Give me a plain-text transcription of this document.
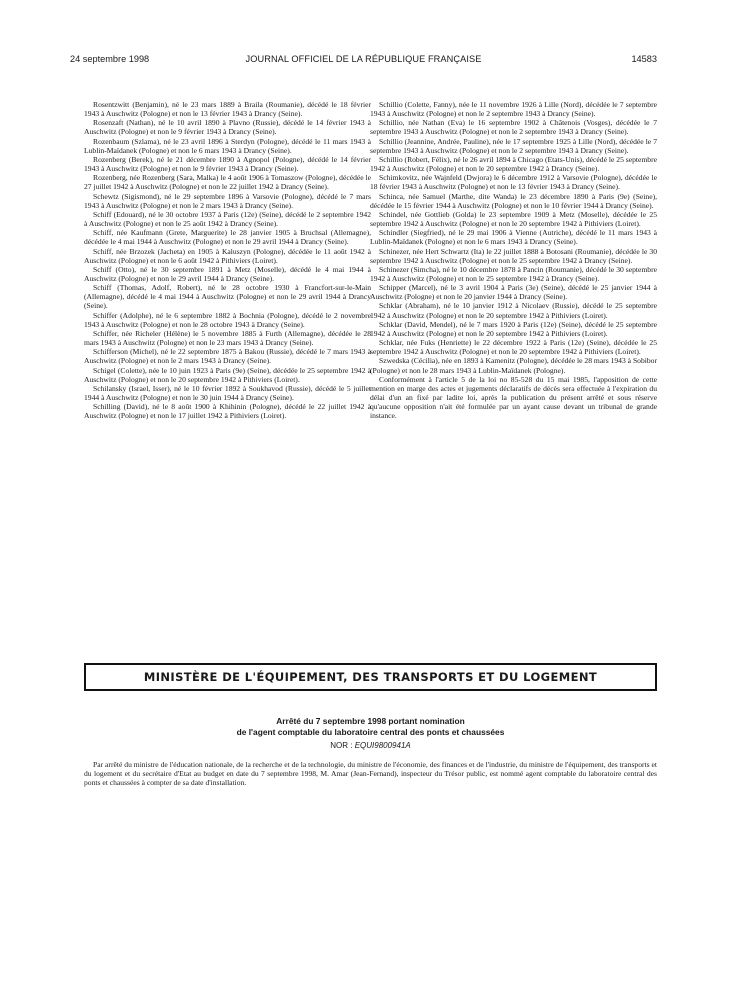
24 septembre 1998	JOURNAL OFFICIEL DE LA RÉPUBLIQUE FRANÇAISE	14583

Rosentzwitt (Benjamin), né le 23 mars 1889 à Braila (Roumanie), décédé le 18 février 1943 à Auschwitz (Pologne) et non le 13 février 1943 à Drancy (Seine).

Rosenzaft (Nathan), né le 10 avril 1890 à Plavno (Russie), décédé le 14 février 1943 à Auschwitz (Pologne) et non le 9 février 1943 à Drancy (Seine).

Rozenbaum (Szlama), né le 23 avril 1896 à Sterdyn (Pologne), décédé le 11 mars 1943 à Lublin-Maïdanek (Pologne) et non le 6 mars 1943 à Drancy (Seine).

Rozenberg (Berek), né le 21 décembre 1890 à Agnopol (Pologne), décédé le 14 février 1943 à Auschwitz (Pologne) et non le 9 février 1943 à Drancy (Seine).

Rozenberg, née Rozenberg (Sara, Malka) le 4 août 1906 à Tomaszow (Pologne), décédée le 27 juillet 1942 à Auschwitz (Pologne) et non le 22 juillet 1942 à Drancy (Seine).

Schewtz (Sigismond), né le 29 septembre 1896 à Varsovie (Pologne), décédé le 7 mars 1943 à Auschwitz (Pologne) et non le 2 mars 1943 à Drancy (Seine).

Schiff (Edouard), né le 30 octobre 1937 à Paris (12e) (Seine), décédé le 2 septembre 1942 à Auschwitz (Pologne) et non le 25 août 1942 à Drancy (Seine).

Schiff, née Kaufmann (Grete, Marguerite) le 28 janvier 1905 à Bruchsal (Allemagne), décédée le 4 mai 1944 à Auschwitz (Pologne) et non le 29 avril 1944 à Drancy (Seine).

Schiff, née Brzozek (Jacheta) en 1905 à Kaluszyn (Pologne), décédée le 11 août 1942 à Auschwitz (Pologne) et non le 6 août 1942 à Pithiviers (Loiret).

Schiff (Otto), né le 30 septembre 1891 à Metz (Moselle), décédé le 4 mai 1944 à Auschwitz (Pologne) et non le 29 avril 1944 à Drancy (Seine).

Schiff (Thomas, Adolf, Robert), né le 28 octobre 1930 à Francfort-sur-le-Main (Allemagne), décédé le 4 mai 1944 à Auschwitz (Pologne) et non le 29 avril 1944 à Drancy (Seine).

Schiffer (Adolphe), né le 6 septembre 1882 à Bochnia (Pologne), décédé le 2 novembre 1943 à Auschwitz (Pologne) et non le 28 octobre 1943 à Drancy (Seine).

Schiffer, née Richeler (Hélène) le 5 novembre 1885 à Furth (Allemagne), décédée le 28 mars 1943 à Auschwitz (Pologne) et non le 23 mars 1943 à Drancy (Seine).

Schifferson (Michel), né le 22 septembre 1875 à Bakou (Russie), décédé le 7 mars 1943 à Auschwitz (Pologne) et non le 2 mars 1943 à Drancy (Seine).

Schigel (Colette), née le 10 juin 1923 à Paris (9e) (Seine), décédée le 25 septembre 1942 à Auschwitz (Pologne) et non le 20 septembre 1942 à Pithiviers (Loiret).

Schilansky (Israel, Isser), né le 10 février 1892 à Soukhavod (Russie), décédé le 5 juillet 1944 à Auschwitz (Pologne) et non le 30 juin 1944 à Drancy (Seine).

Schilling (David), né le 8 août 1900 à Khihinin (Pologne), décédé le 22 juillet 1942 à Auschwitz (Pologne) et non le 17 juillet 1942 à Pithiviers (Loiret).

Schillio (Colette, Fanny), née le 11 novembre 1926 à Lille (Nord), décédée le 7 septembre 1943 à Auschwitz (Pologne) et non le 2 septembre 1943 à Drancy (Seine).

Schillio, née Nathan (Eva) le 16 septembre 1902 à Châtenois (Vosges), décédée le 7 septembre 1943 à Auschwitz (Pologne) et non le 2 septembre 1943 à Drancy (Seine).

Schillio (Jeannine, Andrée, Pauline), née le 17 septembre 1925 à Lille (Nord), décédée le 7 septembre 1943 à Auschwitz (Pologne) et non le 2 septembre 1943 à Drancy (Seine).

Schillio (Robert, Félix), né le 26 avril 1894 à Chicago (Etats-Unis), décédé le 25 septembre 1942 à Auschwitz (Pologne) et non le 20 septembre 1942 à Drancy (Seine).

Schimkovitz, née Wajnfeld (Dwjora) le 6 décembre 1912 à Varsovie (Pologne), décédée le 18 février 1943 à Auschwitz (Pologne) et non le 13 février 1943 à Drancy (Seine).

Schinca, née Samuel (Marthe, dite Wanda) le 23 décembre 1890 à Paris (9e) (Seine), décédée le 15 février 1944 à Auschwitz (Pologne) et non le 10 février 1944 à Drancy (Seine).

Schindel, née Gottlieb (Golda) le 23 septembre 1909 à Metz (Moselle), décédée le 25 septembre 1942 à Auschwitz (Pologne) et non le 20 septembre 1942 à Pithiviers (Loiret).

Schindler (Siegfried), né le 29 mai 1906 à Vienne (Autriche), décédé le 11 mars 1943 à Lublin-Maïdanek (Pologne) et non le 6 mars 1943 à Drancy (Seine).

Schinezer, née Hert Schwartz (Ita) le 22 juillet 1888 à Botosani (Roumanie), décédée le 30 septembre 1942 à Auschwitz (Pologne) et non le 25 septembre 1942 à Drancy (Seine).

Schinezer (Simcha), né le 10 décembre 1878 à Pancin (Roumanie), décédé le 30 septembre 1942 à Auschwitz (Pologne) et non le 25 septembre 1942 à Drancy (Seine).

Schipper (Marcel), né le 3 avril 1904 à Paris (3e) (Seine), décédé le 25 janvier 1944 à Auschwitz (Pologne) et non le 20 janvier 1944 à Drancy (Seine).

Schklar (Abraham), né le 10 janvier 1912 à Nicolaev (Russie), décédé le 25 septembre 1942 à Auschwitz (Pologne) et non le 20 septembre 1942 à Pithiviers (Loiret).

Schklar (David, Mendel), né le 7 mars 1920 à Paris (12e) (Seine), décédé le 25 septembre 1942 à Auschwitz (Pologne) et non le 20 septembre 1942 à Pithiviers (Loiret).

Schklar, née Fuks (Henriette) le 22 décembre 1922 à Paris (12e) (Seine), décédée le 25 septembre 1942 à Auschwitz (Pologne) et non le 20 septembre 1942 à Pithiviers (Loiret).

Szwedska (Cécilia), née en 1893 à Kamenitz (Pologne), décédée le 28 mars 1943 à Sobibor (Pologne) et non le 28 mars 1943 à Lublin-Maïdanek (Pologne).

Conformément à l'article 5 de la loi no 85-528 du 15 mai 1985, l'apposition de cette mention en marge des actes et jugements déclaratifs de décès sera effectuée à l'expiration du délai d'un an fixé par ladite loi, après la publication du présent arrêté et sous réserve qu'aucune opposition n'ait été formulée par un ayant cause devant un tribunal de grande instance.

MINISTÈRE DE L'ÉQUIPEMENT, DES TRANSPORTS ET DU LOGEMENT
Arrêté du 7 septembre 1998 portant nomination
de l'agent comptable du laboratoire central des ponts et chaussées
NOR : EQUI9800941A

Par arrêté du ministre de l'éducation nationale, de la recherche et de la technologie, du ministre de l'économie, des finances et de l'industrie, du ministre de l'équipement, des transports et du logement et du secrétaire d'Etat au budget en date du 7 septembre 1998, M. Amar (Jean-Fernand), inspecteur du Trésor public, est nommé agent comptable du laboratoire central des ponts et chaussées à compter de sa date d'installation.
